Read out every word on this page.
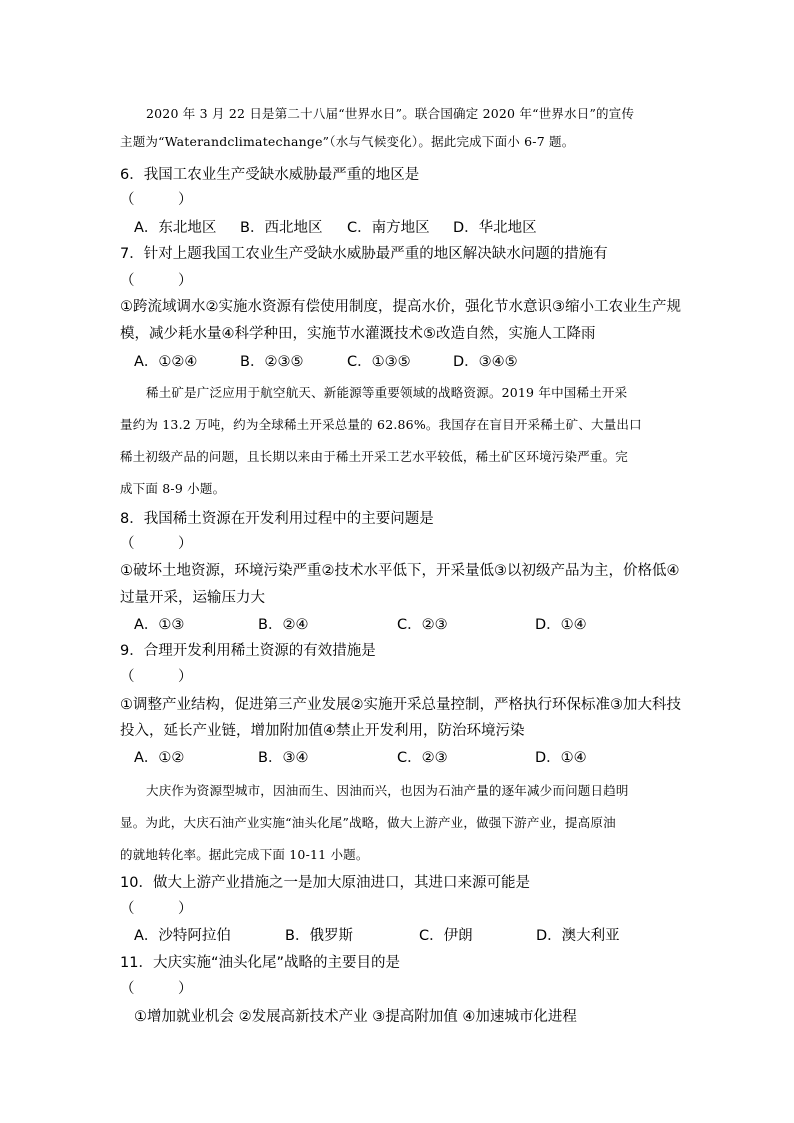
2020 年 3 月 22 日是第二十八届“世界水日”。联合国确定 2020 年“世界水日”的宣传
主题为“Waterandclimatechange”（水与气候变化）。据此完成下面小 6-7 题。
6．我国工农业生产受缺水威胁最严重的地区是
（　　　）
A．东北地区 B．西北地区 C．南方地区 D．华北地区
7．针对上题我国工农业生产受缺水威胁最严重的地区解决缺水问题的措施有
（　　　）
①跨流域调水②实施水资源有偿使用制度，提高水价，强化节水意识③缩小工农业生产规
模，减少耗水量④科学种田，实施节水灌溉技术⑤改造自然，实施人工降雨
A．①②④	B．②③⑤	C．①③⑤	D．③④⑤
稀土矿是广泛应用于航空航天、新能源等重要领域的战略资源。2019 年中国稀土开采
量约为 13.2 万吨，约为全球稀土开采总量的 62.86%。我国存在盲目开采稀土矿、大量出口
稀土初级产品的问题，且长期以来由于稀土开采工艺水平较低，稀土矿区环境污染严重。完
成下面 8-9 小题。
8．我国稀土资源在开发利用过程中的主要问题是
（　　　）
①破坏土地资源，环境污染严重②技术水平低下，开采量低③以初级产品为主，价格低④
过量开采，运输压力大
A．①③	B．②④	C．②③	D．①④
9．合理开发利用稀土资源的有效措施是
（　　　）
①调整产业结构，促进第三产业发展②实施开采总量控制，严格执行环保标准③加大科技
投入，延长产业链，增加附加值④禁止开发利用，防治环境污染
A．①②	B．③④	C．②③	D．①④
大庆作为资源型城市，因油而生、因油而兴，也因为石油产量的逐年减少而问题日趋明
显。为此，大庆石油产业实施“油头化尾”战略，做大上游产业，做强下游产业，提高原油
的就地转化率。据此完成下面 10-11 小题。
10．做大上游产业措施之一是加大原油进口，其进口来源可能是
（　　　）
A．沙特阿拉伯	B．俄罗斯	C．伊朗	D．澳大利亚
11．大庆实施“油头化尾”战略的主要目的是
（　　　）
①增加就业机会 ②发展高新技术产业 ③提高附加值 ④加速城市化进程
